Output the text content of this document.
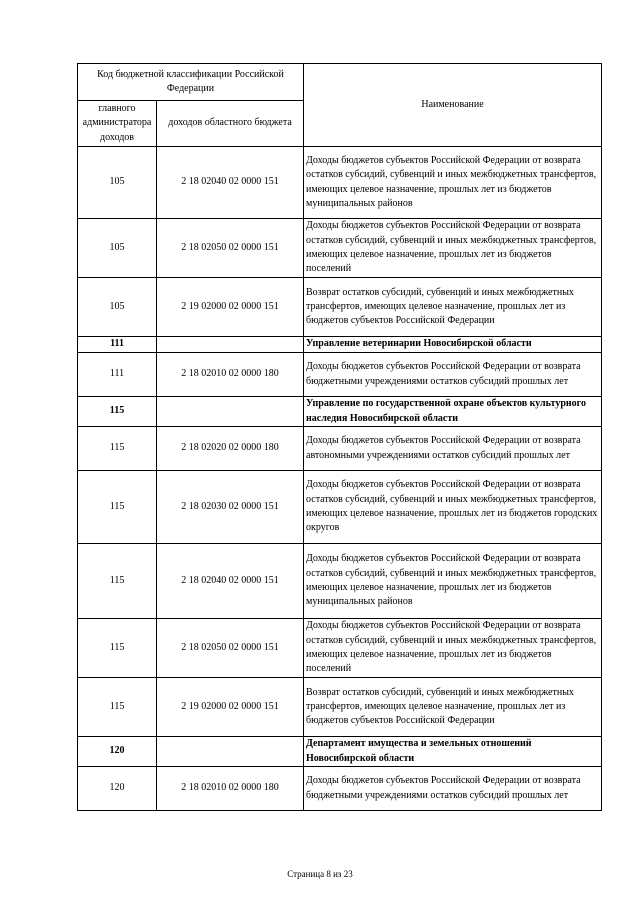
Код бюджетной классификации Российской Федерации		Наименование
главного администратора доходов	доходов областного бюджета	
105	2 18 02040 02 0000 151	Доходы бюджетов субъектов Российской Федерации от возврата остатков субсидий, субвенций и иных межбюджетных трансфертов, имеющих целевое назначение, прошлых лет из бюджетов муниципальных районов
105	2 18 02050 02 0000 151	Доходы бюджетов субъектов Российской Федерации от возврата остатков субсидий, субвенций и иных межбюджетных трансфертов, имеющих целевое назначение, прошлых лет из бюджетов поселений
105	2 19 02000 02 0000 151	Возврат остатков субсидий, субвенций и иных межбюджетных трансфертов, имеющих целевое назначение, прошлых лет из бюджетов субъектов Российской Федерации
111		Управление ветеринарии Новосибирской области
111	2 18 02010 02 0000 180	Доходы бюджетов субъектов Российской Федерации от возврата бюджетными учреждениями остатков субсидий прошлых лет
115		Управление по государственной охране объектов культурного наследия Новосибирской области
115	2 18 02020 02 0000 180	Доходы бюджетов субъектов Российской Федерации от возврата автономными учреждениями остатков субсидий прошлых лет
115	2 18 02030 02 0000 151	Доходы бюджетов субъектов Российской Федерации от возврата остатков субсидий, субвенций и иных межбюджетных трансфертов, имеющих целевое назначение, прошлых лет из бюджетов городских округов
115	2 18 02040 02 0000 151	Доходы бюджетов субъектов Российской Федерации от возврата остатков субсидий, субвенций и иных межбюджетных трансфертов, имеющих целевое назначение, прошлых лет из бюджетов муниципальных районов
115	2 18 02050 02 0000 151	Доходы бюджетов субъектов Российской Федерации от возврата остатков субсидий, субвенций и иных межбюджетных трансфертов, имеющих целевое назначение, прошлых лет из бюджетов поселений
115	2 19 02000 02 0000 151	Возврат остатков субсидий, субвенций и иных межбюджетных трансфертов, имеющих целевое назначение, прошлых лет из бюджетов субъектов Российской Федерации
120		Департамент имущества и земельных отношений Новосибирской области
120	2 18 02010 02 0000 180	Доходы бюджетов субъектов Российской Федерации от возврата бюджетными учреждениями остатков субсидий прошлых лет
Страница 8 из 23
